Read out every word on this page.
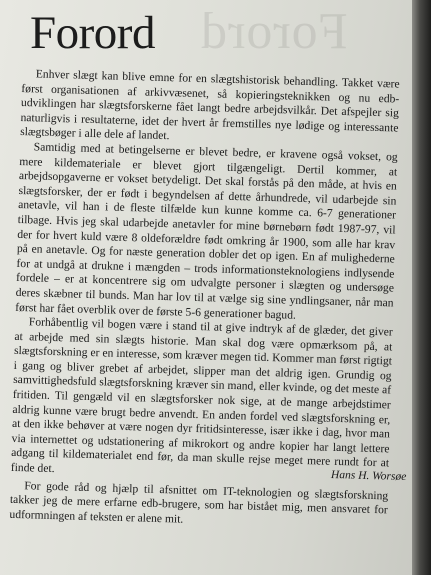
Forord
Forord

Enhver slægt kan blive emne for en slægtshistorisk behandling. Takket være først organisationen af arkivvæsenet, så kopieringsteknikken og nu edb-udviklingen har slægtsforskerne fået langt bedre arbejdsvilkår. Det afspejler sig naturligvis i resultaterne, idet der hvert år fremstilles nye lødige og interessante slægtsbøger i alle dele af landet.

Samtidig med at betingelserne er blevet bedre, er kravene også vokset, og mere kildemateriale er blevet gjort tilgængeligt. Dertil kommer, at arbejdsopgaverne er vokset betydeligt. Det skal forstås på den måde, at hvis en slægtsforsker, der er født i begyndelsen af dette århundrede, vil udarbejde sin anetavle, vil han i de fleste tilfælde kun kunne komme ca. 6-7 generationer tilbage. Hvis jeg skal udarbejde anetavler for mine børnebørn født 1987-97, vil der for hvert kuld være 8 oldeforældre født omkring år 1900, som alle har krav på en anetavle. Og for næste generation dobler det op igen. En af mulighederne for at undgå at drukne i mængden – trods informationsteknologiens indlysende fordele – er at koncentrere sig om udvalgte personer i slægten og undersøge deres skæbner til bunds. Man har lov til at vælge sig sine yndlingsaner, når man først har fået overblik over de første 5-6 generationer bagud.

Forhåbentlig vil bogen være i stand til at give indtryk af de glæder, det giver at arbejde med sin slægts historie. Man skal dog være opmærksom på, at slægtsforskning er en interesse, som kræver megen tid. Kommer man først rigtigt i gang og bliver grebet af arbejdet, slipper man det aldrig igen. Grundig og samvittighedsfuld slægtsforskning kræver sin mand, eller kvinde, og det meste af fritiden. Til gengæld vil en slægtsforsker nok sige, at de mange arbejdstimer aldrig kunne være brugt bedre anvendt. En anden fordel ved slægtsforskning er, at den ikke behøver at være nogen dyr fritidsinteresse, især ikke i dag, hvor man via internettet og udstationering af mikrokort og andre kopier har langt lettere adgang til kildematerialet end før, da man skulle rejse meget mere rundt for at finde det.

For gode råd og hjælp til afsnittet om IT-teknologien og slægtsforskning takker jeg de mere erfarne edb-brugere, som har bistået mig, men ansvaret for udformningen af teksten er alene mit.

Hans H. Worsøe
